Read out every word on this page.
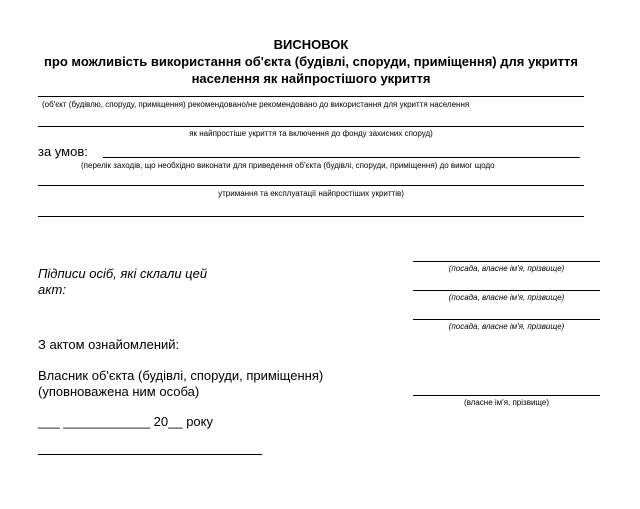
ВИСНОВОК
про можливість використання об'єкта (будівлі, споруди, приміщення) для укриття
населення як найпростішого укриття
(об'єкт (будівлю, споруду, приміщення) рекомендовано/не рекомендовано до використання для укриття населення
як найпростіше укриття та включення до фонду захисних споруд)
за умов:
(перелік заходів, що необхідно виконати для приведення об'єкта (будівлі, споруди, приміщення) до вимог щодо
утримання та експлуатації найпростіших укриттів)
Підписи осіб, які склали цей акт:
(посада, власне ім'я, прізвище)
(посада, власне ім'я, прізвище)
(посада, власне ім'я, прізвище)
З актом ознайомлений:
Власник об'єкта (будівлі, споруди, приміщення)
(уповноважена ним особа)
(власне ім'я, прізвище)
___ ____________ 20__ року
